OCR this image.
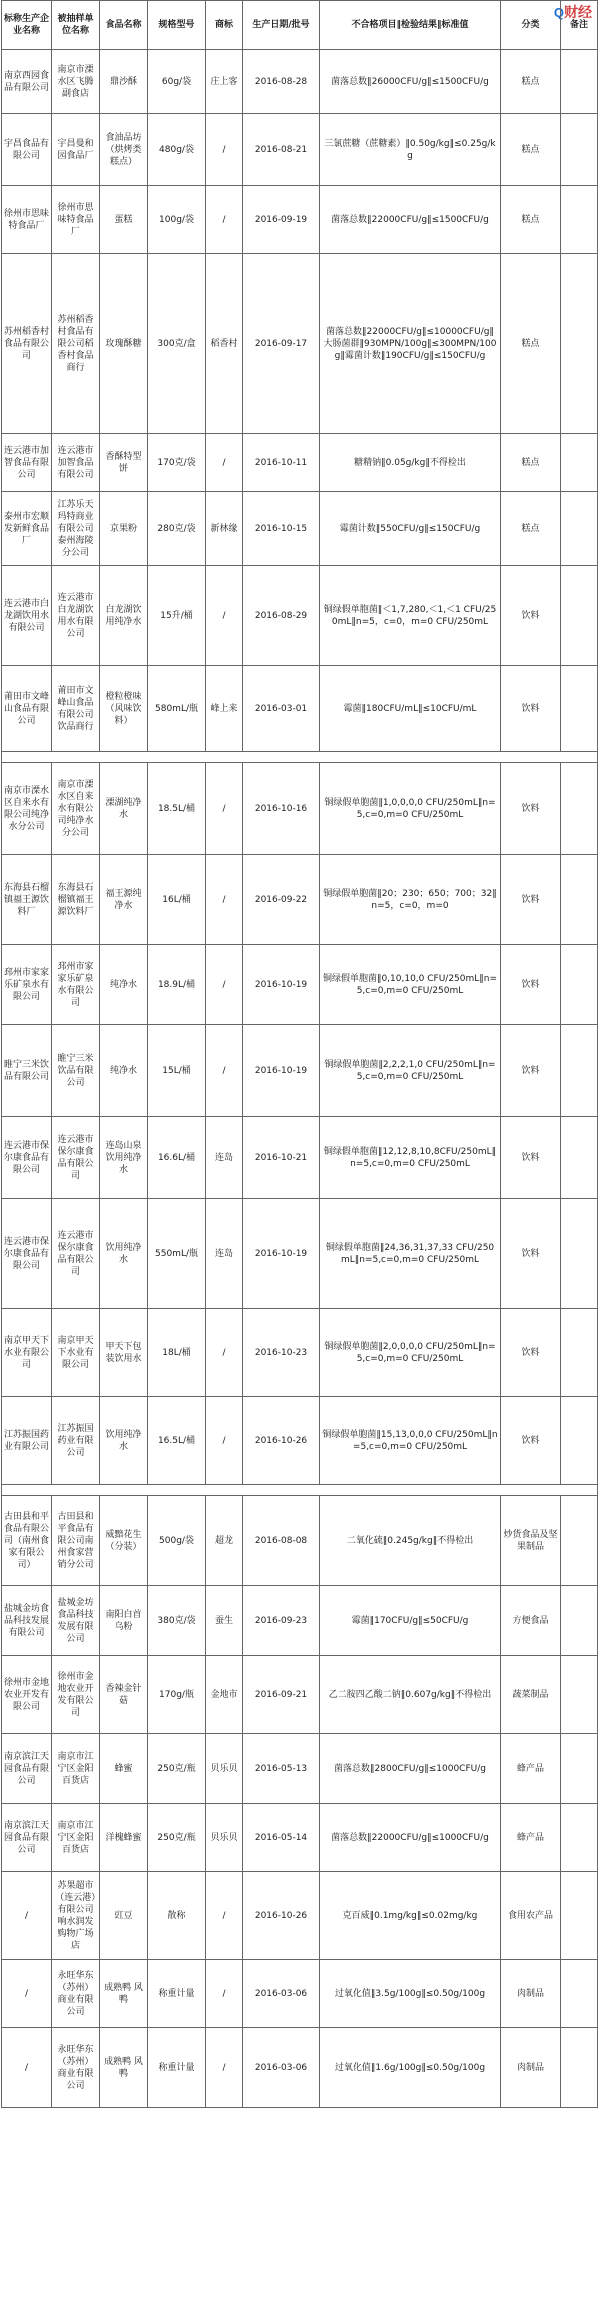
Q财经
标称生产企业名称	被抽样单位名称	食品名称	规格型号	商标	生产日期/批号	不合格项目‖检验结果‖标准值	分类	备注
南京西园食品有限公司	南京市溧水区飞腾副食店	鼎沙酥	60g/袋	庄上客	2016-08-28	菌落总数‖26000CFU/g‖≤1500CFU/g	糕点	
宇昌食品有限公司	宇昌曼和园食品厂	食油品坊（烘烤类糕点）	480g/袋	/	2016-08-21	三氯蔗糖（蔗糖素）‖0.50g/kg‖≤0.25g/kg	糕点	
徐州市思味特食品厂	徐州市思味特食品厂	蛋糕	100g/袋	/	2016-09-19	菌落总数‖22000CFU/g‖≤1500CFU/g	糕点	
苏州稻香村食品有限公司	苏州稻香村食品有限公司稻香村食品商行	玫瑰酥糖	300克/盒	稻香村	2016-09-17	菌落总数‖22000CFU/g‖≤10000CFU/g‖大肠菌群‖930MPN/100g‖≤300MPN/100g‖霉菌计数‖190CFU/g‖≤150CFU/g	糕点	
连云港市加智食品有限公司	连云港市加智食品有限公司	香酥特型饼	170克/袋	/	2016-10-11	糖精钠‖0.05g/kg‖不得检出	糕点	
泰州市宏顺发新鲜食品厂	江苏乐天玛特商业有限公司泰州海陵分公司	京果粉	280克/袋	新林缘	2016-10-15	霉菌计数‖550CFU/g‖≤150CFU/g	糕点	
连云港市白龙湖饮用水有限公司	连云港市白龙湖饮用水有限公司	白龙湖饮用纯净水	15升/桶	/	2016-08-29	铜绿假单胞菌‖＜1,7,280,＜1,＜1 CFU/250mL‖n=5，c=0，m=0 CFU/250mL	饮料	
莆田市文峰山食品有限公司	莆田市文峰山食品有限公司饮品商行	橙粒橙味（风味饮料）	580mL/瓶	峰上来	2016-03-01	霉菌‖180CFU/mL‖≤10CFU/mL	饮料	

南京市溧水区自来水有限公司纯净水分公司	南京市溧水区自来水有限公司纯净水分公司	溧湖纯净水	18.5L/桶	/	2016-10-16	铜绿假单胞菌‖1,0,0,0,0 CFU/250mL‖n=5,c=0,m=0 CFU/250mL	饮料	
东海县石榴镇福王源饮料厂	东海县石榴镇福王源饮料厂	福王源纯净水	16L/桶	/	2016-09-22	铜绿假单胞菌‖20；230；650；700；32‖n=5，c=0，m=0	饮料	
邳州市家家乐矿泉水有限公司	邳州市家家乐矿泉水有限公司	纯净水	18.9L/桶	/	2016-10-19	铜绿假单胞菌‖0,10,10,0 CFU/250mL‖n=5,c=0,m=0 CFU/250mL	饮料	
睢宁三米饮品有限公司	睢宁三米饮品有限公司	纯净水	15L/桶	/	2016-10-19	铜绿假单胞菌‖2,2,2,1,0 CFU/250mL‖n=5,c=0,m=0 CFU/250mL	饮料	
连云港市保尔康食品有限公司	连云港市保尔康食品有限公司	连岛山泉饮用纯净水	16.6L/桶	连岛	2016-10-21	铜绿假单胞菌‖12,12,8,10,8CFU/250mL‖n=5,c=0,m=0 CFU/250mL	饮料	
连云港市保尔康食品有限公司	连云港市保尔康食品有限公司	饮用纯净水	550mL/瓶	连岛	2016-10-19	铜绿假单胞菌‖24,36,31,37,33 CFU/250mL‖n=5,c=0,m=0 CFU/250mL	饮料	
南京甲天下水业有限公司	南京甲天下水业有限公司	甲天下包装饮用水	18L/桶	/	2016-10-23	铜绿假单胞菌‖2,0,0,0,0 CFU/250mL‖n=5,c=0,m=0 CFU/250mL	饮料	
江苏振国药业有限公司	江苏振国药业有限公司	饮用纯净水	16.5L/桶	/	2016-10-26	铜绿假单胞菌‖15,13,0,0,0 CFU/250mL‖n=5,c=0,m=0 CFU/250mL	饮料	

古田县和平食品有限公司（南州食家有限公司）	古田县和平食品有限公司南州食家营销分公司	威黯花生（分装）	500g/袋	超龙	2016-08-08	二氧化硫‖0.245g/kg‖不得检出	炒货食品及坚果制品	
盐城金坊食品科技发展有限公司	盐城金坊食品科技发展有限公司	南阳白首乌粉	380克/袋	蚕生	2016-09-23	霉菌‖170CFU/g‖≤50CFU/g	方便食品	
徐州市金地农业开发有限公司	徐州市金地农业开发有限公司	香辣金针菇	170g/瓶	金地市	2016-09-21	乙二胺四乙酸二钠‖0.607g/kg‖不得检出	蔬菜制品	
南京滨江天园食品有限公司	南京市江宁区金阳百货店	蜂蜜	250克/瓶	贝乐贝	2016-05-13	菌落总数‖2800CFU/g‖≤1000CFU/g	蜂产品	
南京滨江天园食品有限公司	南京市江宁区金阳百货店	洋槐蜂蜜	250克/瓶	贝乐贝	2016-05-14	菌落总数‖22000CFU/g‖≤1000CFU/g	蜂产品	
/	苏果超市（连云港）有限公司响水润发购物广场店	豇豆	散称	/	2016-10-26	克百威‖0.1mg/kg‖≤0.02mg/kg	食用农产品	
/	永旺华东（苏州）商业有限公司	成熟鸭 风鸭	称重计量	/	2016-03-06	过氧化值‖3.5g/100g‖≤0.50g/100g	肉制品	
/	永旺华东（苏州）商业有限公司	成熟鸭 风鸭	称重计量	/	2016-03-06	过氧化值‖1.6g/100g‖≤0.50g/100g	肉制品	
